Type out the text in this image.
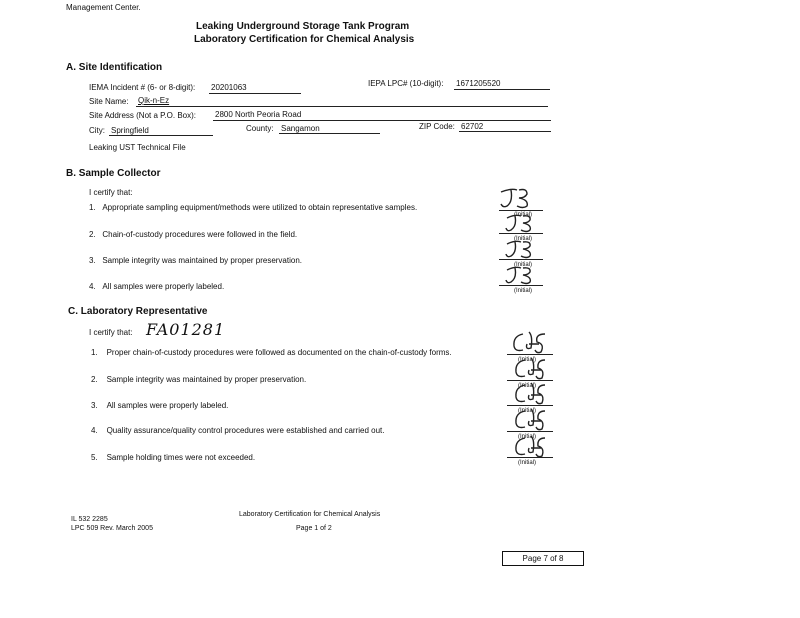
Management Center.
Leaking Underground Storage Tank Program
Laboratory Certification for Chemical Analysis
A. Site Identification
IEMA Incident # (6- or 8-digit): 20201063	IEPA LPC# (10-digit): 1671205520
Site Name: Qik-n-Ez
Site Address (Not a P.O. Box): 2800 North Peoria Road
City: Springfield	County: Sangamon	ZIP Code: 62702
Leaking UST Technical File
B. Sample Collector
I certify that:
1. Appropriate sampling equipment/methods were utilized to obtain representative samples.
2. Chain-of-custody procedures were followed in the field.
3. Sample integrity was maintained by proper preservation.
4. All samples were properly labeled.
(Initial)
(Initial)
(Initial)
(Initial)
C. Laboratory Representative
I certify that: FA01281
1. Proper chain-of-custody procedures were followed as documented on the chain-of-custody forms.
2. Sample integrity was maintained by proper preservation.
3. All samples were properly labeled.
4. Quality assurance/quality control procedures were established and carried out.
5. Sample holding times were not exceeded.
(Initial)
(Initial)
(Initial)
(Initial)
(Initial)
IL 532 2285
LPC 509 Rev. March 2005
Laboratory Certification for Chemical Analysis
Page 1 of 2
Page 7 of 8
